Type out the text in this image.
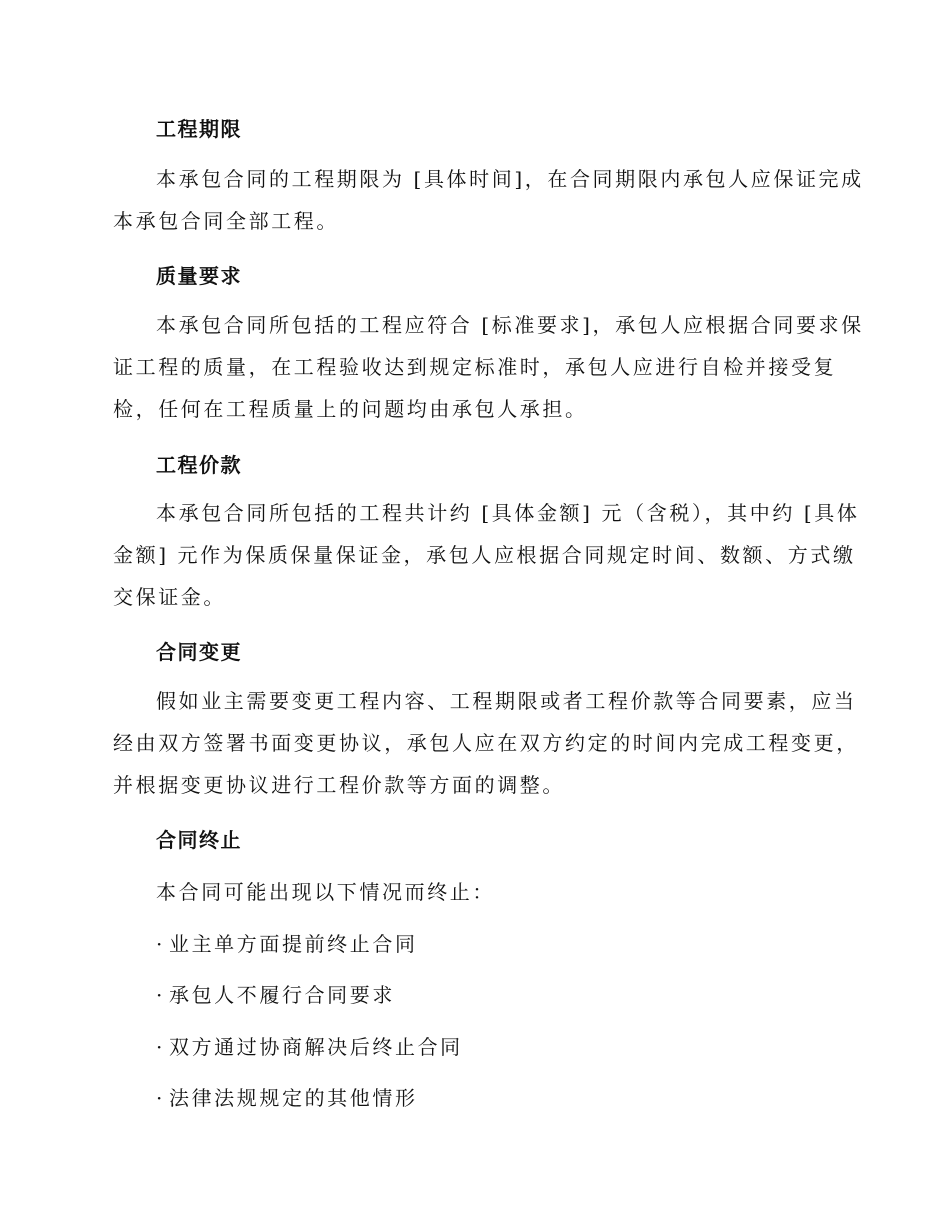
工程期限

本承包合同的工程期限为 [具体时间]，在合同期限内承包人应保证完成
本承包合同全部工程。

质量要求

本承包合同所包括的工程应符合 [标准要求]，承包人应根据合同要求保
证工程的质量，在工程验收达到规定标准时，承包人应进行自检并接受复
检，任何在工程质量上的问题均由承包人承担。

工程价款

本承包合同所包括的工程共计约 [具体金额] 元（含税），其中约 [具体
金额] 元作为保质保量保证金，承包人应根据合同规定时间、数额、方式缴
交保证金。

合同变更

假如业主需要变更工程内容、工程期限或者工程价款等合同要素，应当
经由双方签署书面变更协议，承包人应在双方约定的时间内完成工程变更，
并根据变更协议进行工程价款等方面的调整。

合同终止

本合同可能出现以下情况而终止：

· 业主单方面提前终止合同

· 承包人不履行合同要求

· 双方通过协商解决后终止合同

· 法律法规规定的其他情形
